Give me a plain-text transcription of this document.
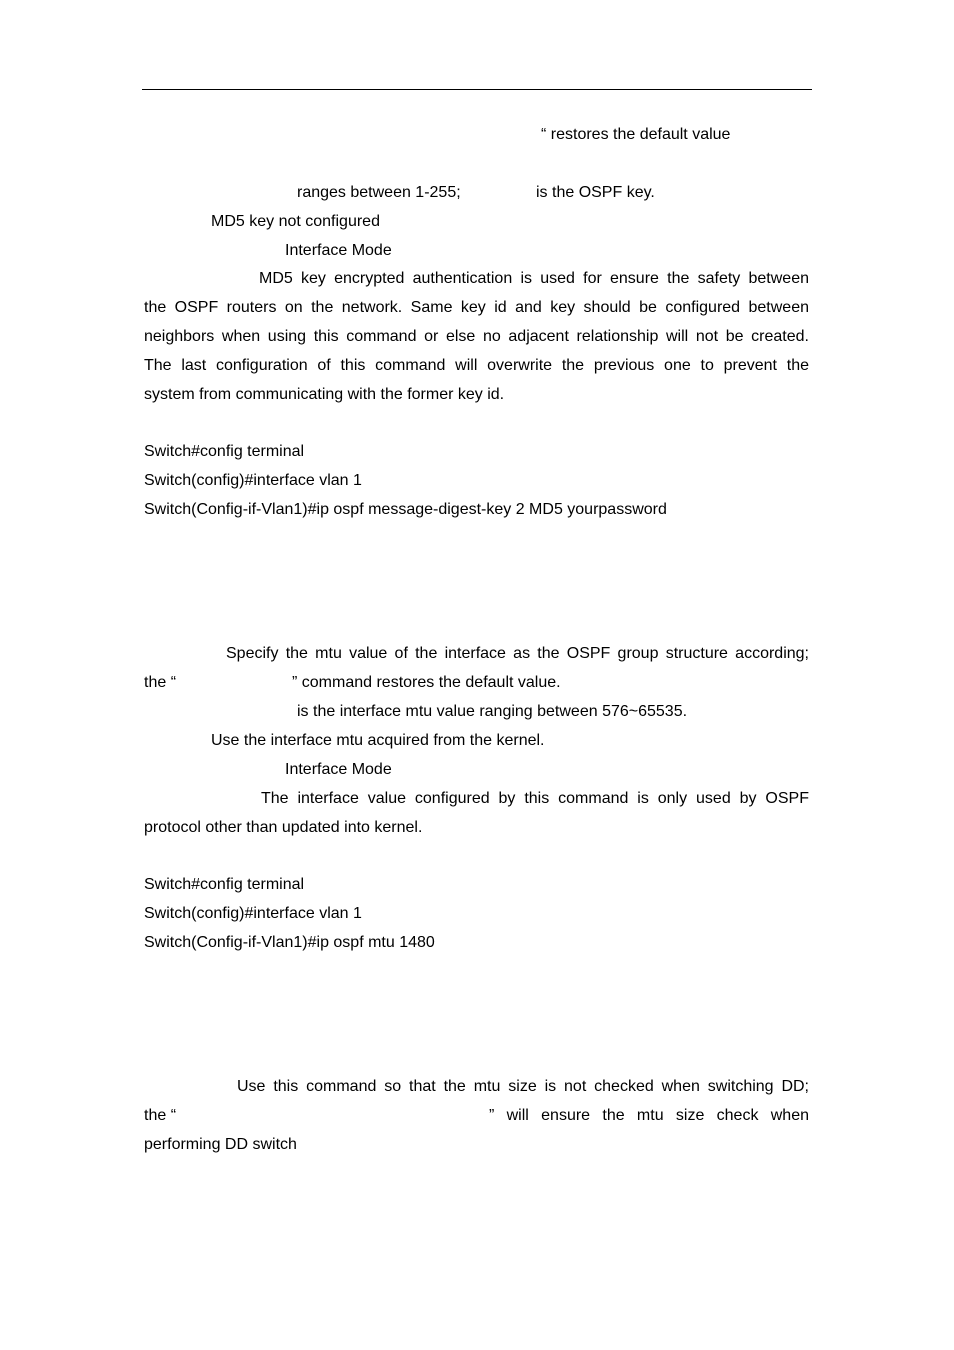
“ restores the default value
ranges between 1-255;	is the OSPF key.
MD5 key not configured
Interface Mode
MD5 key encrypted authentication is used for ensure the safety between
the OSPF routers on the network. Same key id and key should be configured between
neighbors when using this command or else no adjacent relationship will not be created.
The last configuration of this command will overwrite the previous one to prevent the
system from communicating with the former key id.
Switch#config terminal
Switch(config)#interface vlan 1
Switch(Config-if-Vlan1)#ip ospf message-digest-key 2 MD5 yourpassword
Specify the mtu value of the interface as the OSPF group structure according;
the “	” command restores the default value.
is the interface mtu value ranging between 576~65535.
Use the interface mtu acquired from the kernel.
Interface Mode
The interface value configured by this command is only used by OSPF
protocol other than updated into kernel.
Switch#config terminal
Switch(config)#interface vlan 1
Switch(Config-if-Vlan1)#ip ospf mtu 1480
Use this command so that the mtu size is not checked when switching DD;
the “	” will ensure the mtu size check when
performing DD switch
